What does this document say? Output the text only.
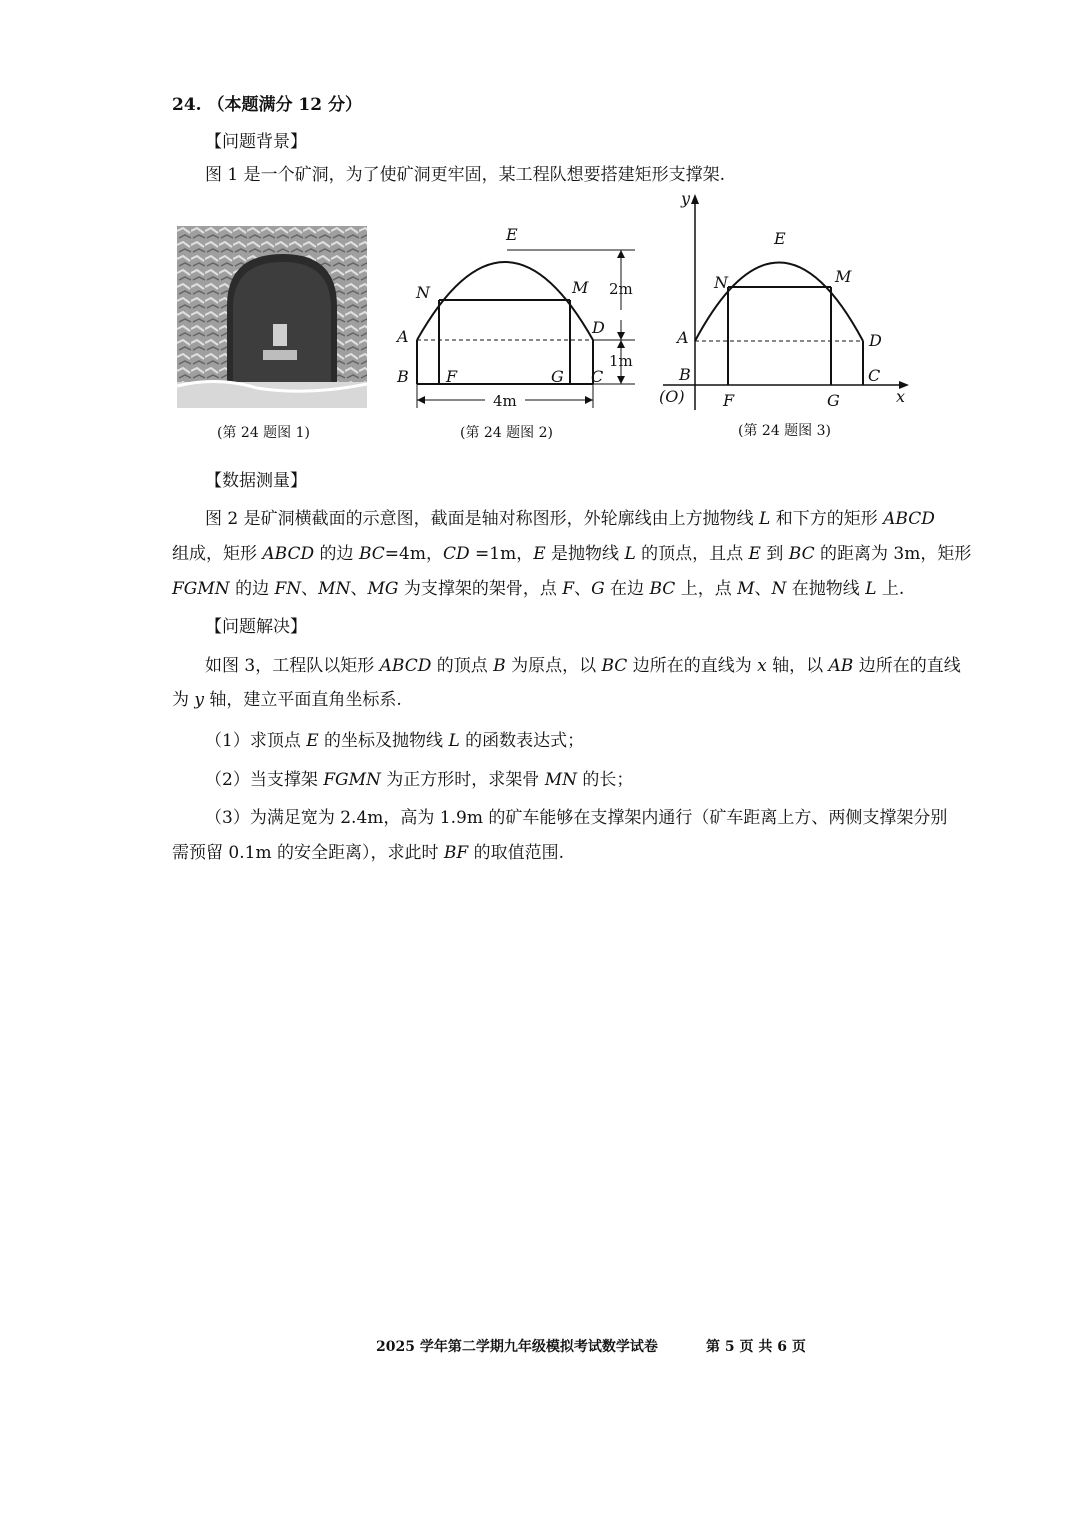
24. （本题满分 12 分）
【问题背景】
图 1 是一个矿洞，为了使矿洞更牢固，某工程队想要搭建矩形支撑架.
(第 24 题图 1)
E
N	M
A	D
B F	G C
2m
1m
4m
(第 24 题图 2)
y
x
E
N	M
A	D
B
(O) F	G
C
(第 24 题图 3)
【数据测量】
图 2 是矿洞横截面的示意图，截面是轴对称图形，外轮廓线由上方抛物线 L 和下方的矩形 ABCD
组成，矩形 ABCD 的边 BC=4m，CD =1m，E 是抛物线 L 的顶点，且点 E 到 BC 的距离为 3m，矩形
FGMN 的边 FN、MN、MG 为支撑架的架骨，点 F、G 在边 BC 上，点 M、N 在抛物线 L 上.
【问题解决】
如图 3，工程队以矩形 ABCD 的顶点 B 为原点，以 BC 边所在的直线为 x 轴，以 AB 边所在的直线
为 y 轴，建立平面直角坐标系.
（1）求顶点 E 的坐标及抛物线 L 的函数表达式；
（2）当支撑架 FGMN 为正方形时，求架骨 MN 的长；
（3）为满足宽为 2.4m，高为 1.9m 的矿车能够在支撑架内通行（矿车距离上方、两侧支撑架分别
需预留 0.1m 的安全距离），求此时 BF 的取值范围.
2025 学年第二学期九年级模拟考试数学试卷	第 5 页 共 6 页
